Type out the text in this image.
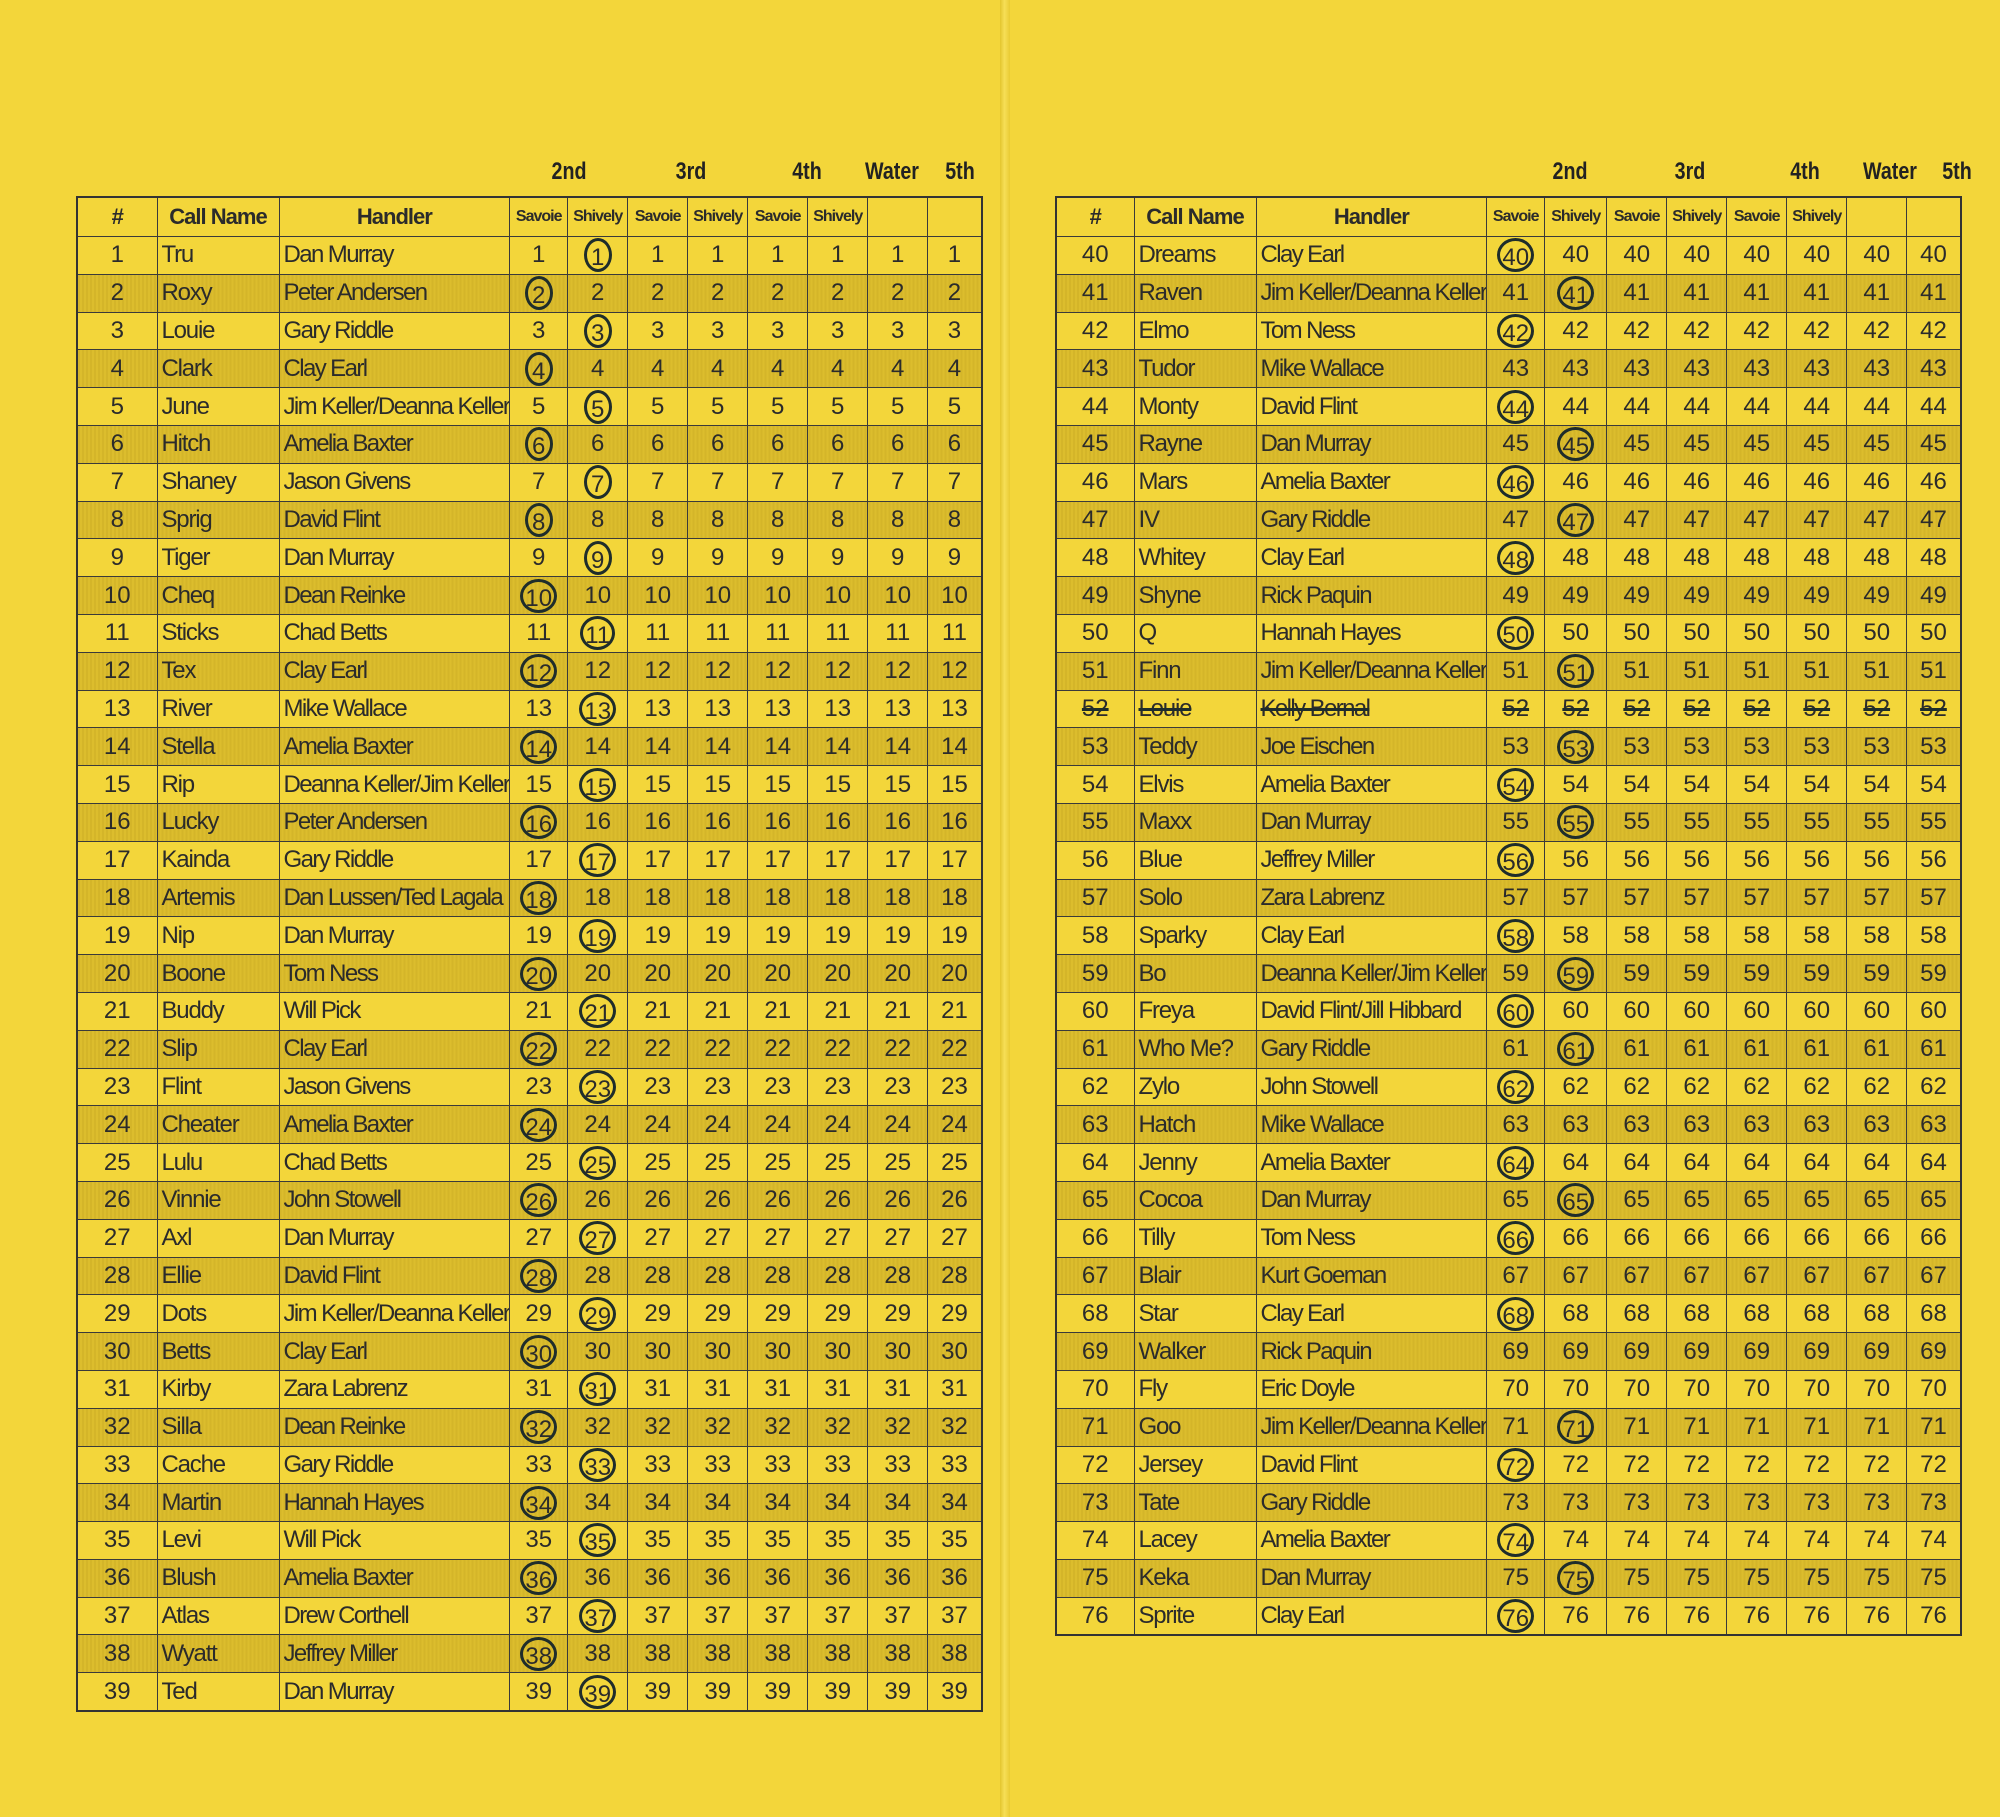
2nd	3rd	4th	Water	5th
#	Call Name	Handler	Savoie	Shively	Savoie	Shively	Savoie	Shively		
1	Tru	Dan Murray	1	1	1	1	1	1	1	1
2	Roxy	Peter Andersen	2	2	2	2	2	2	2	2
3	Louie	Gary Riddle	3	3	3	3	3	3	3	3
4	Clark	Clay Earl	4	4	4	4	4	4	4	4
5	June	Jim Keller/Deanna Keller	5	5	5	5	5	5	5	5
6	Hitch	Amelia Baxter	6	6	6	6	6	6	6	6
7	Shaney	Jason Givens	7	7	7	7	7	7	7	7
8	Sprig	David Flint	8	8	8	8	8	8	8	8
9	Tiger	Dan Murray	9	9	9	9	9	9	9	9
10	Cheq	Dean Reinke	10	10	10	10	10	10	10	10
11	Sticks	Chad Betts	11	11	11	11	11	11	11	11
12	Tex	Clay Earl	12	12	12	12	12	12	12	12
13	River	Mike Wallace	13	13	13	13	13	13	13	13
14	Stella	Amelia Baxter	14	14	14	14	14	14	14	14
15	Rip	Deanna Keller/Jim Keller	15	15	15	15	15	15	15	15
16	Lucky	Peter Andersen	16	16	16	16	16	16	16	16
17	Kainda	Gary Riddle	17	17	17	17	17	17	17	17
18	Artemis	Dan Lussen/Ted Lagala	18	18	18	18	18	18	18	18
19	Nip	Dan Murray	19	19	19	19	19	19	19	19
20	Boone	Tom Ness	20	20	20	20	20	20	20	20
21	Buddy	Will Pick	21	21	21	21	21	21	21	21
22	Slip	Clay Earl	22	22	22	22	22	22	22	22
23	Flint	Jason Givens	23	23	23	23	23	23	23	23
24	Cheater	Amelia Baxter	24	24	24	24	24	24	24	24
25	Lulu	Chad Betts	25	25	25	25	25	25	25	25
26	Vinnie	John Stowell	26	26	26	26	26	26	26	26
27	Axl	Dan Murray	27	27	27	27	27	27	27	27
28	Ellie	David Flint	28	28	28	28	28	28	28	28
29	Dots	Jim Keller/Deanna Keller	29	29	29	29	29	29	29	29
30	Betts	Clay Earl	30	30	30	30	30	30	30	30
31	Kirby	Zara Labrenz	31	31	31	31	31	31	31	31
32	Silla	Dean Reinke	32	32	32	32	32	32	32	32
33	Cache	Gary Riddle	33	33	33	33	33	33	33	33
34	Martin	Hannah Hayes	34	34	34	34	34	34	34	34
35	Levi	Will Pick	35	35	35	35	35	35	35	35
36	Blush	Amelia Baxter	36	36	36	36	36	36	36	36
37	Atlas	Drew Corthell	37	37	37	37	37	37	37	37
38	Wyatt	Jeffrey Miller	38	38	38	38	38	38	38	38
39	Ted	Dan Murray	39	39	39	39	39	39	39	39
2nd	3rd	4th	Water	5th
#	Call Name	Handler	Savoie	Shively	Savoie	Shively	Savoie	Shively		
40	Dreams	Clay Earl	40	40	40	40	40	40	40	40
41	Raven	Jim Keller/Deanna Keller	41	41	41	41	41	41	41	41
42	Elmo	Tom Ness	42	42	42	42	42	42	42	42
43	Tudor	Mike Wallace	43	43	43	43	43	43	43	43
44	Monty	David Flint	44	44	44	44	44	44	44	44
45	Rayne	Dan Murray	45	45	45	45	45	45	45	45
46	Mars	Amelia Baxter	46	46	46	46	46	46	46	46
47	IV	Gary Riddle	47	47	47	47	47	47	47	47
48	Whitey	Clay Earl	48	48	48	48	48	48	48	48
49	Shyne	Rick Paquin	49	49	49	49	49	49	49	49
50	Q	Hannah Hayes	50	50	50	50	50	50	50	50
51	Finn	Jim Keller/Deanna Keller	51	51	51	51	51	51	51	51
52	Louie	Kelly Bernal	52	52	52	52	52	52	52	52
53	Teddy	Joe Eischen	53	53	53	53	53	53	53	53
54	Elvis	Amelia Baxter	54	54	54	54	54	54	54	54
55	Maxx	Dan Murray	55	55	55	55	55	55	55	55
56	Blue	Jeffrey Miller	56	56	56	56	56	56	56	56
57	Solo	Zara Labrenz	57	57	57	57	57	57	57	57
58	Sparky	Clay Earl	58	58	58	58	58	58	58	58
59	Bo	Deanna Keller/Jim Keller	59	59	59	59	59	59	59	59
60	Freya	David Flint/Jill Hibbard	60	60	60	60	60	60	60	60
61	Who Me?	Gary Riddle	61	61	61	61	61	61	61	61
62	Zylo	John Stowell	62	62	62	62	62	62	62	62
63	Hatch	Mike Wallace	63	63	63	63	63	63	63	63
64	Jenny	Amelia Baxter	64	64	64	64	64	64	64	64
65	Cocoa	Dan Murray	65	65	65	65	65	65	65	65
66	Tilly	Tom Ness	66	66	66	66	66	66	66	66
67	Blair	Kurt Goeman	67	67	67	67	67	67	67	67
68	Star	Clay Earl	68	68	68	68	68	68	68	68
69	Walker	Rick Paquin	69	69	69	69	69	69	69	69
70	Fly	Eric Doyle	70	70	70	70	70	70	70	70
71	Goo	Jim Keller/Deanna Keller	71	71	71	71	71	71	71	71
72	Jersey	David Flint	72	72	72	72	72	72	72	72
73	Tate	Gary Riddle	73	73	73	73	73	73	73	73
74	Lacey	Amelia Baxter	74	74	74	74	74	74	74	74
75	Keka	Dan Murray	75	75	75	75	75	75	75	75
76	Sprite	Clay Earl	76	76	76	76	76	76	76	76
